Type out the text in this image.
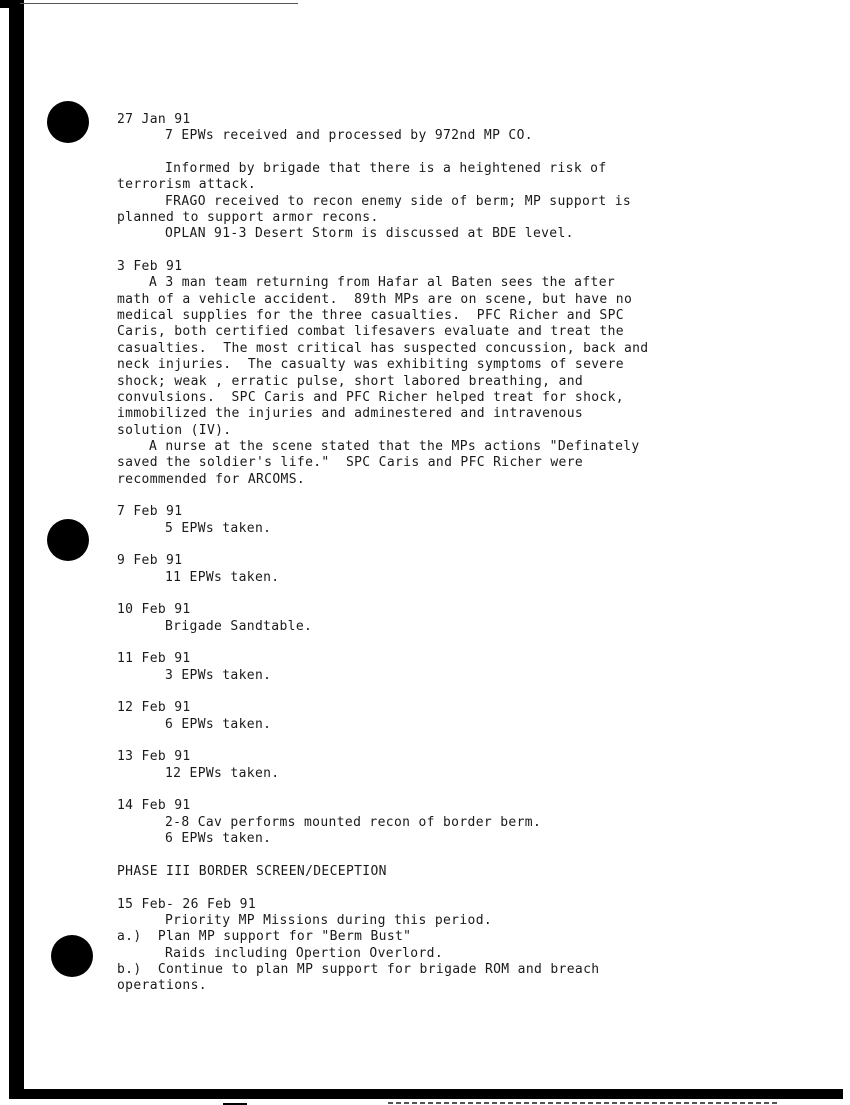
27 Jan 91
7 EPWs received and processed by 972nd MP CO.
Informed by brigade that there is a heightened risk of
terrorism attack.
FRAGO received to recon enemy side of berm; MP support is
planned to support armor recons.
OPLAN 91-3 Desert Storm is discussed at BDE level.
3 Feb 91
A 3 man team returning from Hafar al Baten sees the after
math of a vehicle accident.  89th MPs are on scene, but have no
medical supplies for the three casualties.  PFC Richer and SPC
Caris, both certified combat lifesavers evaluate and treat the
casualties.  The most critical has suspected concussion, back and
neck injuries.  The casualty was exhibiting symptoms of severe
shock; weak , erratic pulse, short labored breathing, and
convulsions.  SPC Caris and PFC Richer helped treat for shock,
immobilized the injuries and adminestered and intravenous
solution (IV).
A nurse at the scene stated that the MPs actions "Definately
saved the soldier's life."  SPC Caris and PFC Richer were
recommended for ARCOMS.
7 Feb 91
5 EPWs taken.
9 Feb 91
11 EPWs taken.
10 Feb 91
Brigade Sandtable.
11 Feb 91
3 EPWs taken.
12 Feb 91
6 EPWs taken.
13 Feb 91
12 EPWs taken.
14 Feb 91
2-8 Cav performs mounted recon of border berm.
6 EPWs taken.
PHASE III BORDER SCREEN/DECEPTION
15 Feb- 26 Feb 91
Priority MP Missions during this period.
a.)  Plan MP support for "Berm Bust"
Raids including Opertion Overlord.
b.)  Continue to plan MP support for brigade ROM and breach
operations.
